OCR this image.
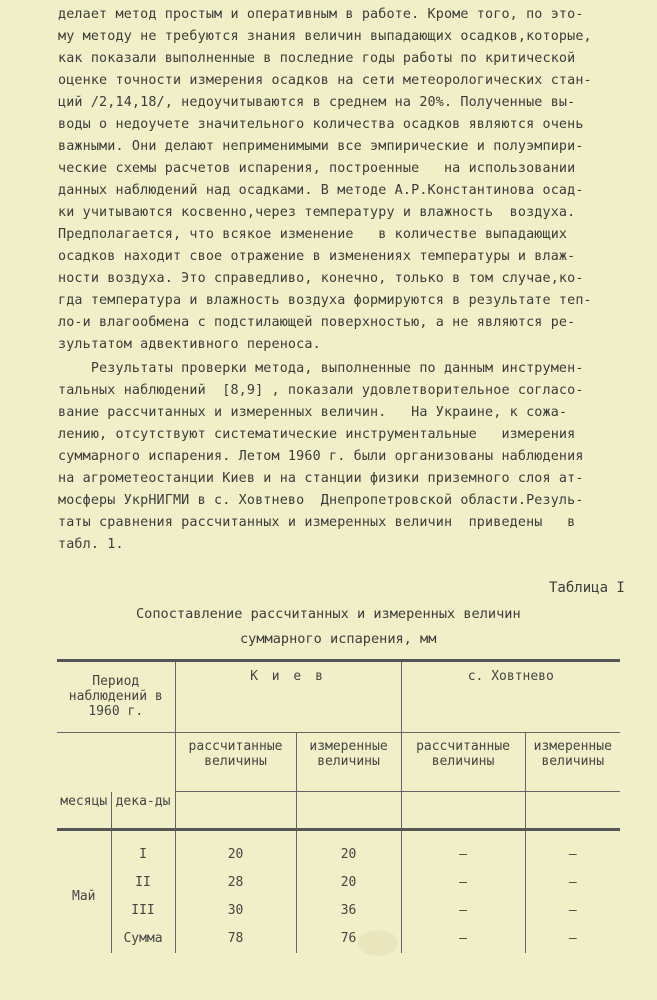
делает метод простым и оперативным в работе. Кроме того, по это-
му методу не требуются знания величин выпадающих осадков,которые,
как показали выполненные в последние годы работы по критической
оценке точности измерения осадков на сети метеорологических стан-
ций /2,14,18/, недоучитываются в среднем на 20%. Полученные вы-
воды о недоучете значительного количества осадков являются очень
важными. Они делают неприменимыми все эмпирические и полуэмпири-
ческие схемы расчетов испарения, построенные   на использовании
данных наблюдений над осадками. В методе А.Р.Константинова осад-
ки учитываются косвенно,через температуру и влажность  воздуха.
Предполагается, что всякое изменение   в количестве выпадающих
осадков находит свое отражение в изменениях температуры и влаж-
ности воздуха. Это справедливо, конечно, только в том случае,ко-
гда температура и влажность воздуха формируются в результате теп-
ло-и влагообмена с подстилающей поверхностью, а не являются ре-
зультатом адвективного переноса.
Результаты проверки метода, выполненные по данным инструмен-
тальных наблюдений  [8,9] , показали удовлетворительное согласо-
вание рассчитанных и измеренных величин.   На Украине, к сожа-
лению, отсутствуют систематические инструментальные   измерения
суммарного испарения. Летом 1960 г. были организованы наблюдения
на агрометеостанции Киев и на станции физики приземного слоя ат-
мосферы УкрНИГМИ в с. Ховтнево  Днепропетровской области.Резуль-
таты сравнения рассчитанных и измеренных величин  приведены   в
табл. 1.
Таблица I
Сопоставление рассчитанных и измеренных величин
суммарного испарения, мм
Период наблюдений в 1960 г.		К и е в		с. Ховтнево	
		рассчитанные величины	измеренные величины	рассчитанные величины	измеренные величины
месяцы	дека-ды				

Май	I	20	20	–	–
	II	28	20	–	–
	III	30	36	–	–
	Сумма	78	76	–	–
